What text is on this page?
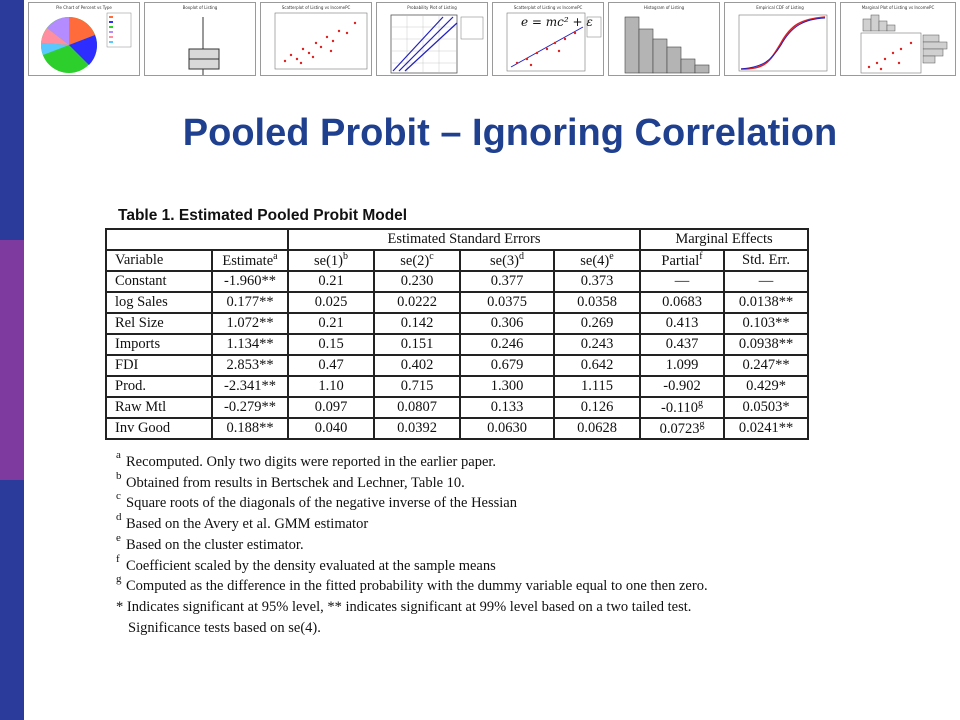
Pie Chart of Percent vs Type	Boxplot of Listing	Scatterplot of Listing vs IncomePC	Probability Plot of Listing	Scatterplot of Listing vs IncomePC
e = mc² + ε
Histogram of Listing	Empirical CDF of Listing	Marginal Plot of Listing vs IncomePC
Pooled Probit – Ignoring Correlation
Table 1. Estimated Pooled Probit Model
		Estimated Standard Errors				Marginal Effects	
Variable	Estimate$^a$	$se(1)^b$	$se(2)^c$	$se(3)^d$	$se(4)^e$	Partial$^f$	Std. Err.
Constant	-1.960**	0.21	0.230	0.377	0.373	—	—
log Sales	0.177**	0.025	0.0222	0.0375	0.0358	0.0683	0.0138**
Rel Size	1.072**	0.21	0.142	0.306	0.269	0.413	0.103**
Imports	1.134**	0.15	0.151	0.246	0.243	0.437	0.0938**
FDI	2.853**	0.47	0.402	0.679	0.642	1.099	0.247**
Prod.	-2.341**	1.10	0.715	1.300	1.115	-0.902	0.429*
Raw Mtl	-0.279**	0.097	0.0807	0.133	0.126	-0.110$^g$	0.0503*
Inv Good	0.188**	0.040	0.0392	0.0630	0.0628	0.0723$^g$	0.0241**
a Recomputed. Only two digits were reported in the earlier paper.
b Obtained from results in Bertschek and Lechner, Table 10.
c Square roots of the diagonals of the negative inverse of the Hessian
d Based on the Avery et al. GMM estimator
e Based on the cluster estimator.
f Coefficient scaled by the density evaluated at the sample means
g Computed as the difference in the fitted probability with the dummy variable equal to one then zero.
* Indicates significant at 95% level, ** indicates significant at 99% level based on a two tailed test.
Significance tests based on se(4).
